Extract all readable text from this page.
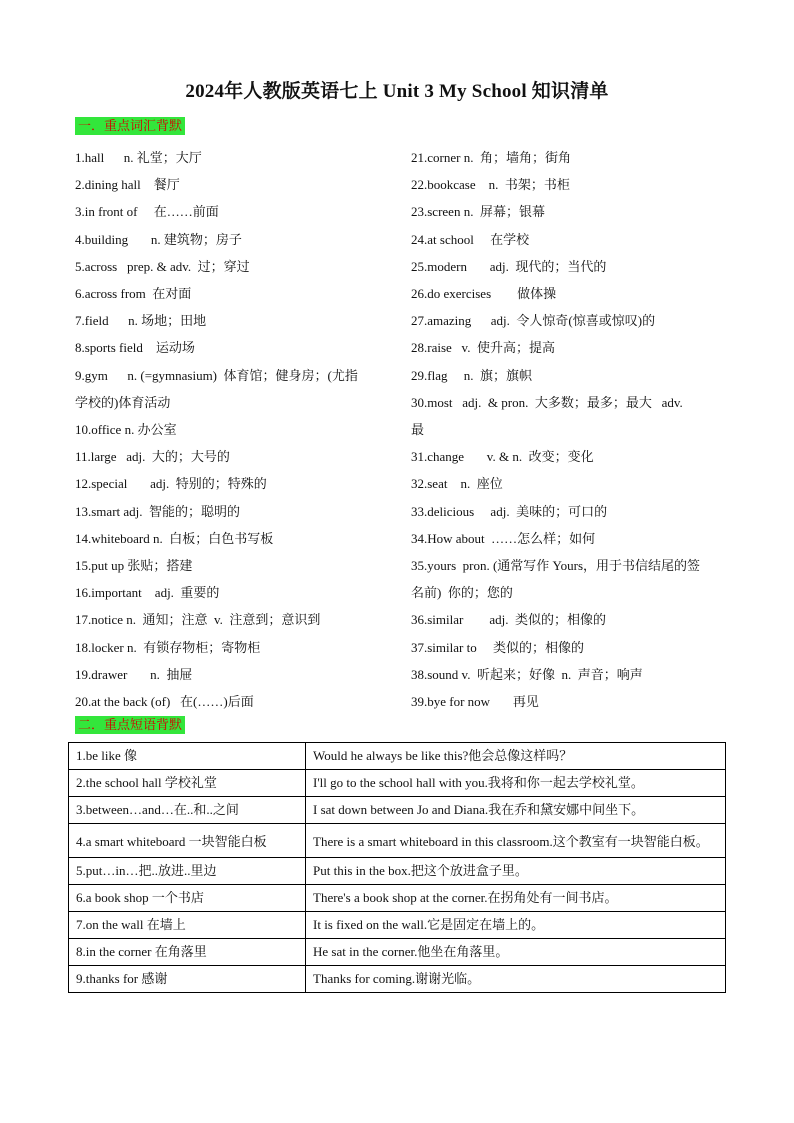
2024年人教版英语七上 Unit 3 My School 知识清单
一．重点词汇背默
1.hall      n. 礼堂；大厅
2.dining hall    餐厅
3.in front of     在……前面
4.building       n. 建筑物；房子
5.across   prep. & adv.  过；穿过
6.across from  在对面
7.field      n. 场地；田地
8.sports field    运动场
9.gym      n. (=gymnasium)  体育馆；健身房；(尤指
学校的)体育活动
10.office n. 办公室
11.large   adj.  大的；大号的
12.special       adj.  特别的；特殊的
13.smart adj.  智能的；聪明的
14.whiteboard n.  白板；白色书写板
15.put up 张贴；搭建
16.important    adj.  重要的
17.notice n.  通知；注意  v.  注意到；意识到
18.locker n.  有锁存物柜；寄物柜
19.drawer       n.  抽屉
20.at the back (of)   在(……)后面
21.corner n.  角；墙角；街角
22.bookcase    n.  书架；书柜
23.screen n.  屏幕；银幕
24.at school     在学校
25.modern       adj.  现代的；当代的
26.do exercises        做体操
27.amazing      adj.  令人惊奇(惊喜或惊叹)的
28.raise   v.  使升高；提高
29.flag     n.  旗；旗帜
30.most   adj.  & pron.  大多数；最多；最大   adv.
最
31.change       v. & n.  改变；变化
32.seat    n.  座位
33.delicious     adj.  美味的；可口的
34.How about  ……怎么样；如何
35.yours  pron. (通常写作 Yours，用于书信结尾的签
名前)  你的；您的
36.similar        adj.  类似的；相像的
37.similar to     类似的；相像的
38.sound v.  听起来；好像  n.  声音；响声
39.bye for now       再见
二．重点短语背默
1.be like 像	Would he always be like this?他会总像这样吗？
2.the school hall 学校礼堂	I'll go to the school hall with you.我将和你一起去学校礼堂。
3.between…and…在..和..之间	I sat down between Jo and Diana.我在乔和黛安娜中间坐下。
4.a smart whiteboard 一块智能白板	There is a smart whiteboard in this classroom.这个教室有一块智能白板。
5.put…in…把..放进..里边	Put this in the box.把这个放进盒子里。
6.a book shop 一个书店	There's a book shop at the corner.在拐角处有一间书店。
7.on the wall 在墙上	It is fixed on the wall.它是固定在墙上的。
8.in the corner 在角落里	He sat in the corner.他坐在角落里。
9.thanks for 感谢	Thanks for coming.谢谢光临。
